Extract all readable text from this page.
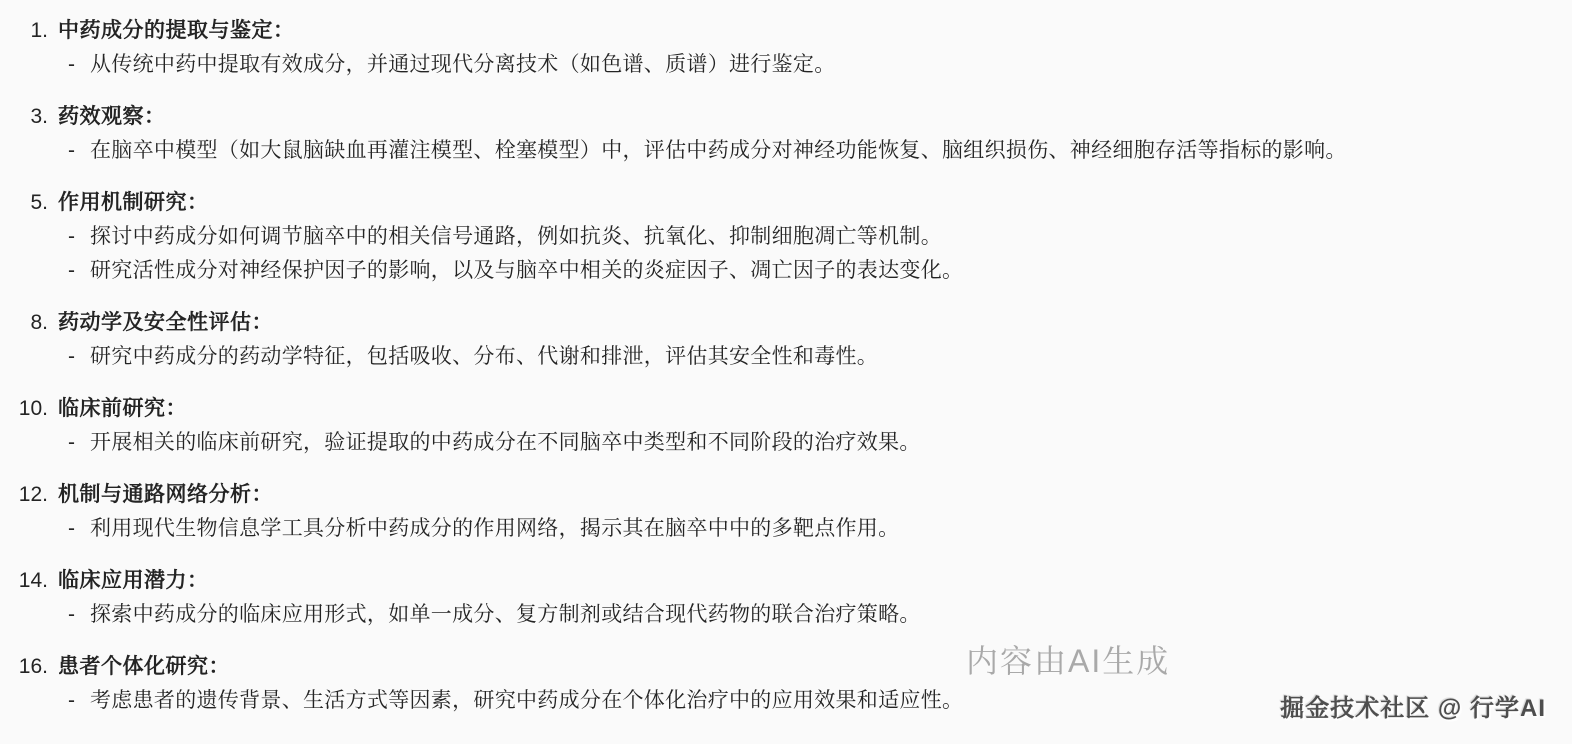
1. 中药成分的提取与鉴定：
- 从传统中药中提取有效成分，并通过现代分离技术（如色谱、质谱）进行鉴定。
3. 药效观察：
- 在脑卒中模型（如大鼠脑缺血再灌注模型、栓塞模型）中，评估中药成分对神经功能恢复、脑组织损伤、神经细胞存活等指标的影响。
5. 作用机制研究：
- 探讨中药成分如何调节脑卒中的相关信号通路，例如抗炎、抗氧化、抑制细胞凋亡等机制。
- 研究活性成分对神经保护因子的影响，以及与脑卒中相关的炎症因子、凋亡因子的表达变化。
8. 药动学及安全性评估：
- 研究中药成分的药动学特征，包括吸收、分布、代谢和排泄，评估其安全性和毒性。
10. 临床前研究：
- 开展相关的临床前研究，验证提取的中药成分在不同脑卒中类型和不同阶段的治疗效果。
12. 机制与通路网络分析：
- 利用现代生物信息学工具分析中药成分的作用网络，揭示其在脑卒中中的多靶点作用。
14. 临床应用潜力：
- 探索中药成分的临床应用形式，如单一成分、复方制剂或结合现代药物的联合治疗策略。
16. 患者个体化研究：
- 考虑患者的遗传背景、生活方式等因素，研究中药成分在个体化治疗中的应用效果和适应性。
内容由AI生成
掘金技术社区 @ 行学AI
